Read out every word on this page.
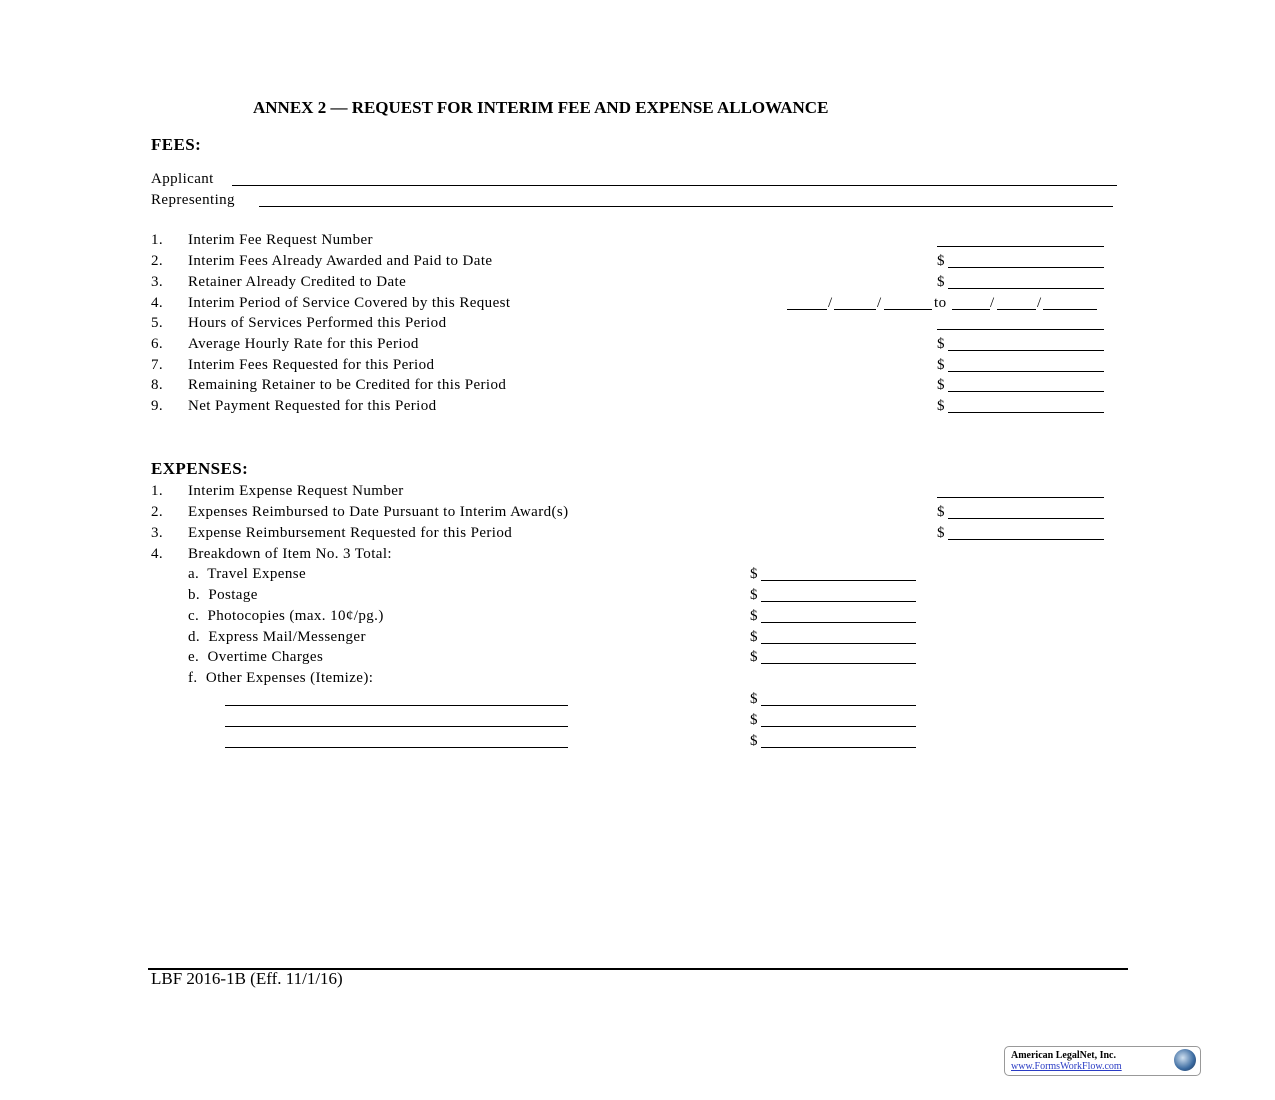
ANNEX 2 — REQUEST FOR INTERIM FEE AND EXPENSE ALLOWANCE
FEES:
Applicant
Representing
EXPENSES:
LBF 2016-1B (Eff. 11/1/16)
American LegalNet, Inc.
www.FormsWorkFlow.com
1. Interim Fee Request Number
2. Interim Fees Already Awarded and Paid to Date	$
3. Retainer Already Credited to Date	$
4. Interim Period of Service Covered by this Request	/	/	/	/
to
5. Hours of Services Performed this Period
6. Average Hourly Rate for this Period	$
7. Interim Fees Requested for this Period	$
8. Remaining Retainer to be Credited for this Period	$
9. Net Payment Requested for this Period	$
1. Interim Expense Request Number
2. Expenses Reimbursed to Date Pursuant to Interim Award(s)	$
3. Expense Reimbursement Requested for this Period	$
4. Breakdown of Item No. 3 Total:
a.  Travel Expense	$
b.  Postage	$
c.  Photocopies (max. 10¢/pg.)	$
d.  Express Mail/Messenger	$
e.  Overtime Charges	$
f.  Other Expenses (Itemize):
$
$
$
